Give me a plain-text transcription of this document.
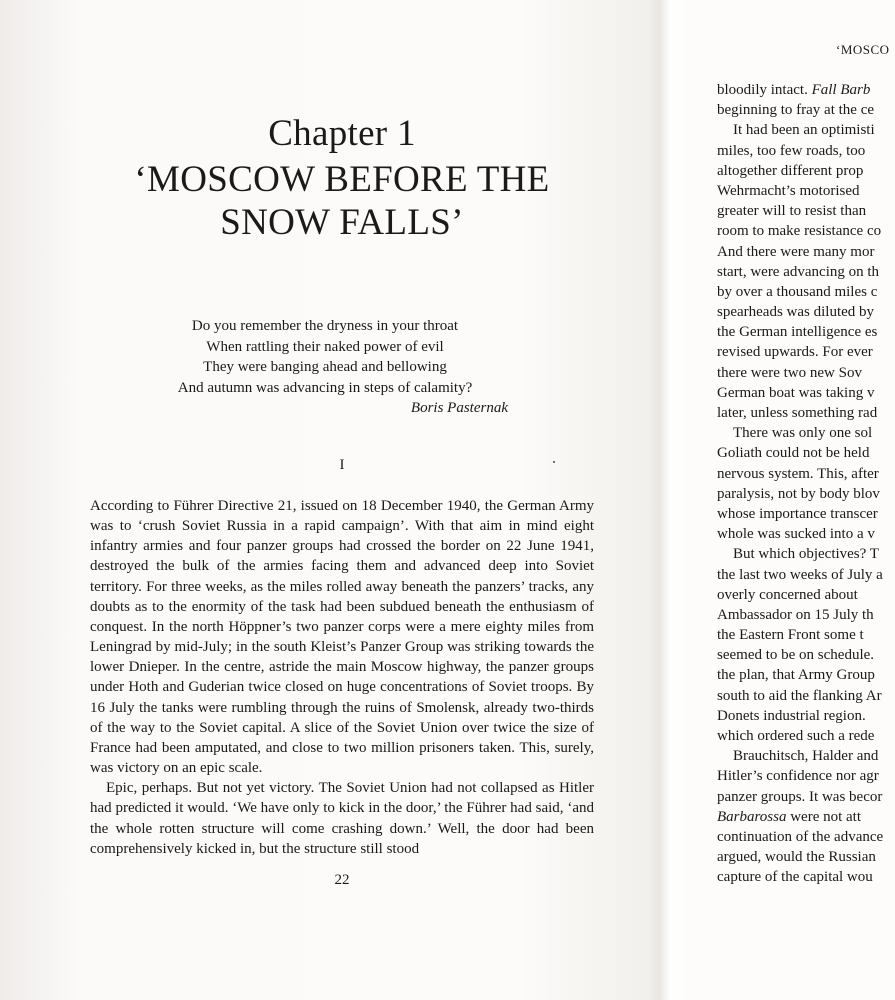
Chapter 1
‘MOSCOW BEFORE THE
SNOW FALLS’
Do you remember the dryness in your throat
When rattling their naked power of evil
They were banging ahead and bellowing
And autumn was advancing in steps of calamity?
Boris Pasternak
I

According to Führer Directive 21, issued on 18 December 1940, the German Army was to ‘crush Soviet Russia in a rapid campaign’. With that aim in mind eight infantry armies and four panzer groups had crossed the border on 22 June 1941, destroyed the bulk of the armies facing them and advanced deep into Soviet territory. For three weeks, as the miles rolled away beneath the panzers’ tracks, any doubts as to the enormity of the task had been subdued beneath the enthusiasm of conquest. In the north Höppner’s two panzer corps were a mere eighty miles from Leningrad by mid-July; in the south Kleist’s Panzer Group was striking towards the lower Dnieper. In the centre, astride the main Moscow highway, the panzer groups under Hoth and Guderian twice closed on huge concentrations of Soviet troops. By 16 July the tanks were rumbling through the ruins of Smolensk, already two-thirds of the way to the Soviet capital. A slice of the Soviet Union over twice the size of France had been amputated, and close to two million prisoners taken. This, surely, was victory on an epic scale.

Epic, perhaps. But not yet victory. The Soviet Union had not collapsed as Hitler had predicted it would. ‘We have only to kick in the door,’ the Führer had said, ‘and the whole rotten structure will come crashing down.’ Well, the door had been comprehensively kicked in, but the structure still stood

22
‘MOSCO
bloodily intact. Fall Barb
beginning to fray at the ce
It had been an optimisti
miles, too few roads, too
altogether different prop
Wehrmacht’s motorised
greater will to resist than
room to make resistance co
And there were many mor
start, were advancing on th
by over a thousand miles c
spearheads was diluted by
the German intelligence es
revised upwards. For ever
there were two new Sov
German boat was taking v
later, unless something rad
There was only one sol
Goliath could not be held
nervous system. This, after
paralysis, not by body blov
whose importance transcer
whole was sucked into a v
But which objectives? T
the last two weeks of July a
overly concerned about
Ambassador on 15 July th
the Eastern Front some t
seemed to be on schedule.
the plan, that Army Group
south to aid the flanking Ar
Donets industrial region.
which ordered such a rede
Brauchitsch, Halder and
Hitler’s confidence nor agr
panzer groups. It was becor
Barbarossa were not att
continuation of the advance
argued, would the Russian
capture of the capital wou
